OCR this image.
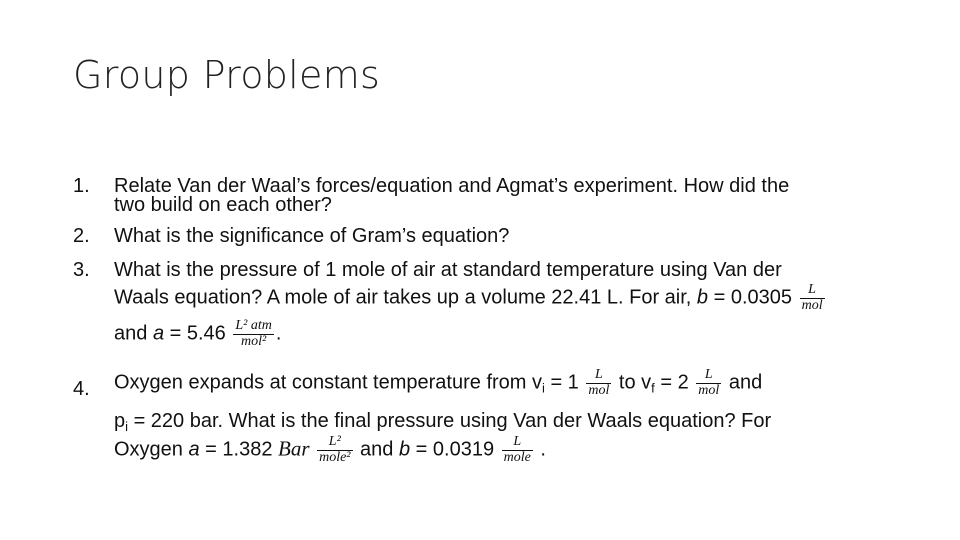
Group Problems
1. Relate Van der Waal’s forces/equation and Agmat’s experiment. How did the
two build on each other?
2. What is the significance of Gram’s equation?
3. What is the pressure of 1 mole of air at standard temperature using Van der
Waals equation? A mole of air takes up a volume 22.41 L. For air, $b = 0.0305 \frac{L}{\text{mol}}$
and $a = 5.46 \frac{\text{L² atm}}{\text{mol²}}$ .
4. Oxygen expands at constant temperature from $v_i = 1 \frac{L}{\text{mol}}$ to $v_f = 2 \frac{L}{\text{mol}}$ and
$p_i = 220$ bar. What is the final pressure using Van der Waals equation? For
Oxygen a = 1.382 Bar $\frac{\text{L²}}{\text{mole²}}$ and $b = 0.0319 \frac{L}{\text{mole}}$ .
